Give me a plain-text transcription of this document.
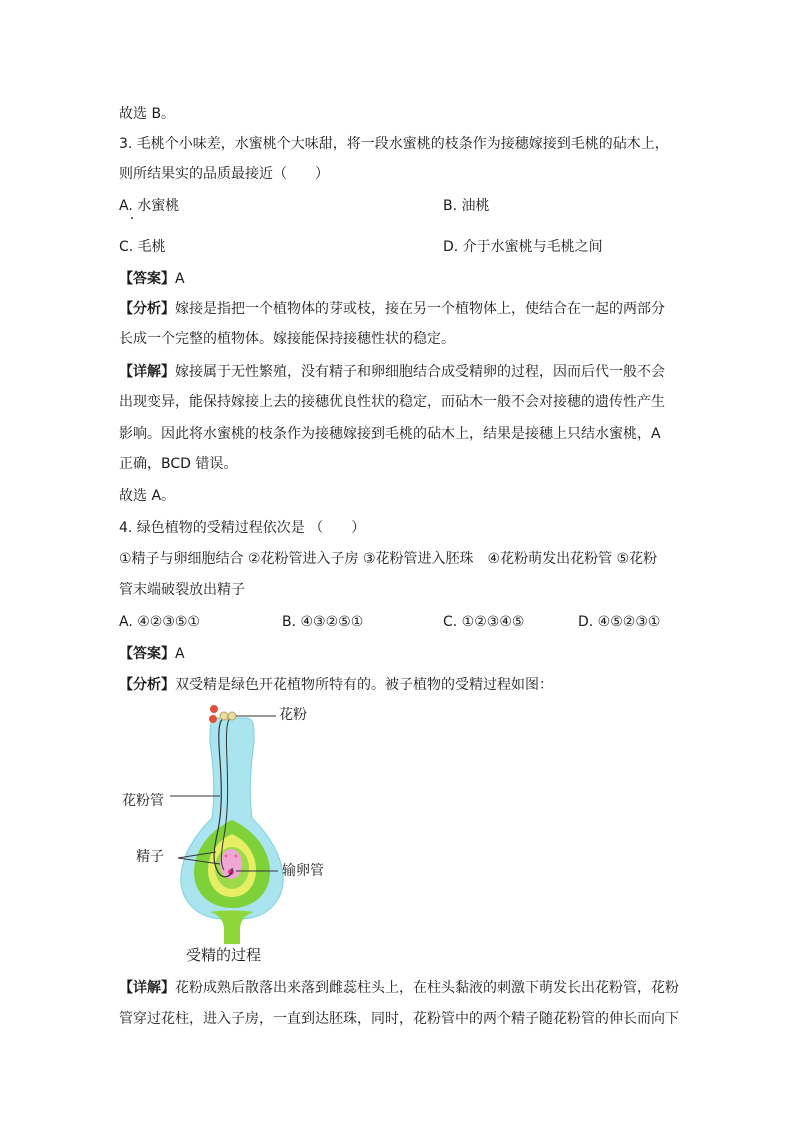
故选 B。
3. 毛桃个小味差，水蜜桃个大味甜，将一段水蜜桃的枝条作为接穗嫁接到毛桃的砧木上，
则所结果实的品质最接近（　　）
A. 水蜜桃	B. 油桃
C. 毛桃	D. 介于水蜜桃与毛桃之间
【答案】A
【分析】嫁接是指把一个植物体的芽或枝，接在另一个植物体上，使结合在一起的两部分
长成一个完整的植物体。嫁接能保持接穗性状的稳定。
【详解】嫁接属于无性繁殖，没有精子和卵细胞结合成受精卵的过程，因而后代一般不会
出现变异，能保持嫁接上去的接穗优良性状的稳定，而砧木一般不会对接穗的遗传性产生
影响。因此将水蜜桃的枝条作为接穗嫁接到毛桃的砧木上，结果是接穗上只结水蜜桃，A
正确，BCD 错误。
故选 A。
4. 绿色植物的受精过程依次是 （　　）
①精子与卵细胞结合 ②花粉管进入子房 ③花粉管进入胚珠　④花粉萌发出花粉管 ⑤花粉
管末端破裂放出精子
A. ④②③⑤①	B. ④③②⑤①	C. ①②③④⑤	D. ④⑤②③①
【答案】A
【分析】双受精是绿色开花植物所特有的。被子植物的受精过程如图：
花粉
花粉管
精子
输卵管
受精的过程
【详解】花粉成熟后散落出来落到雌蕊柱头上，在柱头黏液的刺激下萌发长出花粉管，花粉
管穿过花柱，进入子房，一直到达胚珠，同时，花粉管中的两个精子随花粉管的伸长而向下
